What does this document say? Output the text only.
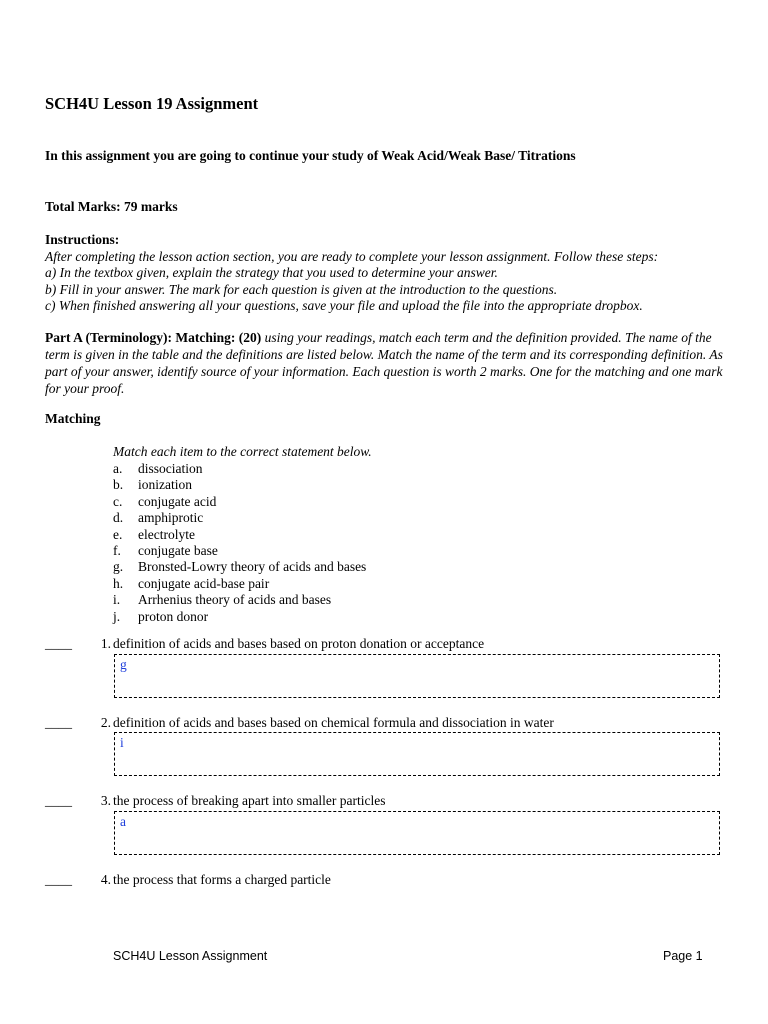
SCH4U Lesson 19 Assignment

In this assignment you are going to continue your study of Weak Acid/Weak Base/ Titrations

Total Marks: 79 marks

Instructions:
After completing the lesson action section, you are ready to complete your lesson assignment. Follow these steps:
a) In the textbox given, explain the strategy that you used to determine your answer.
b) Fill in your answer. The mark for each question is given at the introduction to the questions.
c) When finished answering all your questions, save your file and upload the file into the appropriate dropbox.

Part A (Terminology): Matching: (20) using your readings, match each term and the definition provided. The name of the term is given in the table and the definitions are listed below. Match the name of the term and its corresponding definition. As part of your answer, identify source of your information. Each question is worth 2 marks. One for the matching and one mark for your proof.

Matching

Match each item to the correct statement below.

a.	dissociation
b.	ionization
c.	conjugate acid
d.	amphiprotic
e.	electrolyte
f.	conjugate base
g.	Bronsted-Lowry theory of acids and bases
h.	conjugate acid-base pair
i.	Arrhenius theory of acids and bases
j.	proton donor
____	1. definition of acids and bases based on proton donation or acceptance
g
____	2. definition of acids and bases based on chemical formula and dissociation in water
i
____	3. the process of breaking apart into smaller particles
a
____	4. the process that forms a charged particle
SCH4U Lesson Assignment	Page 1
